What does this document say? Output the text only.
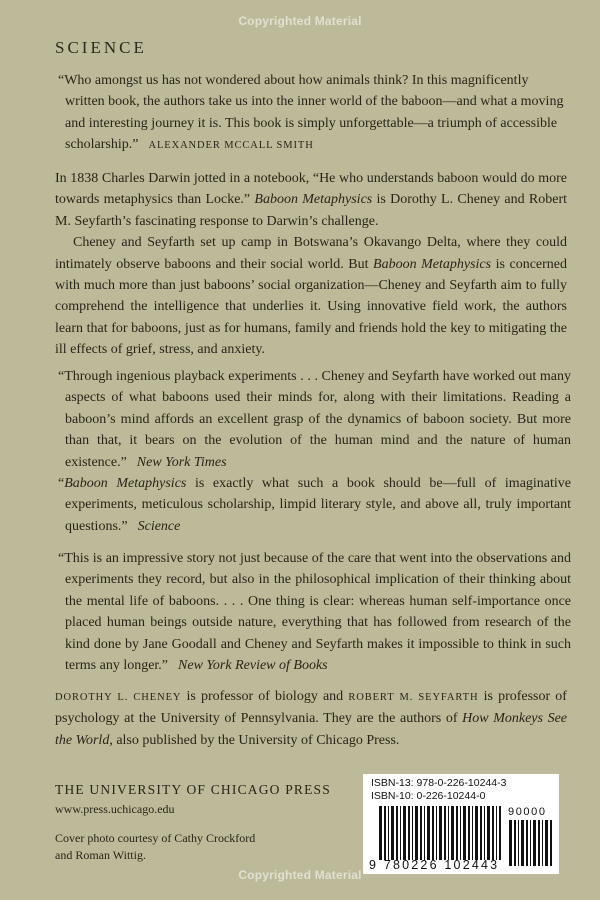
Copyrighted Material
SCIENCE
“Who amongst us has not wondered about how animals think? In this magnificently written book, the authors take us into the inner world of the baboon—and what a moving and interesting journey it is. This book is simply unforgettable—a triumph of accessible scholarship.” ALEXANDER MCCALL SMITH

In 1838 Charles Darwin jotted in a notebook, “He who understands baboon would do more towards metaphysics than Locke.” Baboon Metaphysics is Dorothy L. Cheney and Robert M. Seyfarth’s fascinating response to Darwin’s challenge.

Cheney and Seyfarth set up camp in Botswana’s Okavango Delta, where they could intimately observe baboons and their social world. But Baboon Metaphysics is concerned with much more than just baboons’ social organization—Cheney and Seyfarth aim to fully comprehend the intelligence that underlies it. Using innovative field work, the authors learn that for baboons, just as for humans, family and friends hold the key to mitigating the ill effects of grief, stress, and anxiety.

“Through ingenious playback experiments . . . Cheney and Seyfarth have worked out many aspects of what baboons used their minds for, along with their limitations. Reading a baboon’s mind affords an excellent grasp of the dynamics of baboon society. But more than that, it bears on the evolution of the human mind and the nature of human existence.” New York Times
“Baboon Metaphysics is exactly what such a book should be—full of imaginative experiments, meticulous scholarship, limpid literary style, and above all, truly important questions.” Science
“This is an impressive story not just because of the care that went into the observations and experiments they record, but also in the philosophical implication of their thinking about the mental life of baboons. . . . One thing is clear: whereas human self-importance once placed human beings outside nature, everything that has followed from research of the kind done by Jane Goodall and Cheney and Seyfarth makes it impossible to think in such terms any longer.” New York Review of Books
DOROTHY L. CHENEY is professor of biology and ROBERT M. SEYFARTH is professor of psychology at the University of Pennsylvania. They are the authors of How Monkeys See the World, also published by the University of Chicago Press.
THE UNIVERSITY OF CHICAGO PRESS
www.press.uchicago.edu
Cover photo courtesy of Cathy Crockford and Roman Wittig.
ISBN-13: 978-0-226-10244-3
ISBN-10: 0-226-10244-0
9 780226 102443
90000
Copyrighted Material
